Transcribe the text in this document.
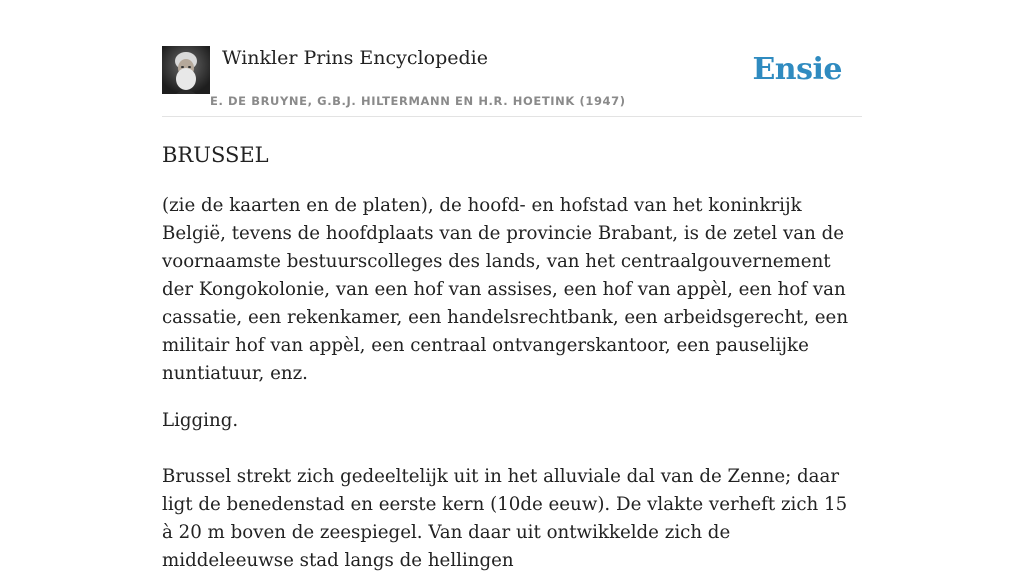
Winkler Prins Encyclopedie
E. DE BRUYNE, G.B.J. HILTERMANN EN H.R. HOETINK (1947)
Ensie
BRUSSEL

(zie de kaarten en de platen), de hoofd- en hofstad van het koninkrijk België, tevens de hoofdplaats van de provincie Brabant, is de zetel van de voornaamste bestuurscolleges des lands, van het centraalgouvernement der Kongokolonie, van een hof van assises, een hof van appèl, een hof van cassatie, een rekenkamer, een handelsrechtbank, een arbeidsgerecht, een militair hof van appèl, een centraal ontvangerskantoor, een pauselijke nuntiatuur, enz.

Ligging.

Brussel strekt zich gedeeltelijk uit in het alluviale dal van de Zenne; daar ligt de benedenstad en eerste kern (10de eeuw). De vlakte verheft zich 15 à 20 m boven de zeespiegel. Van daar uit ontwikkelde zich de middeleeuwse stad langs de hellingen
